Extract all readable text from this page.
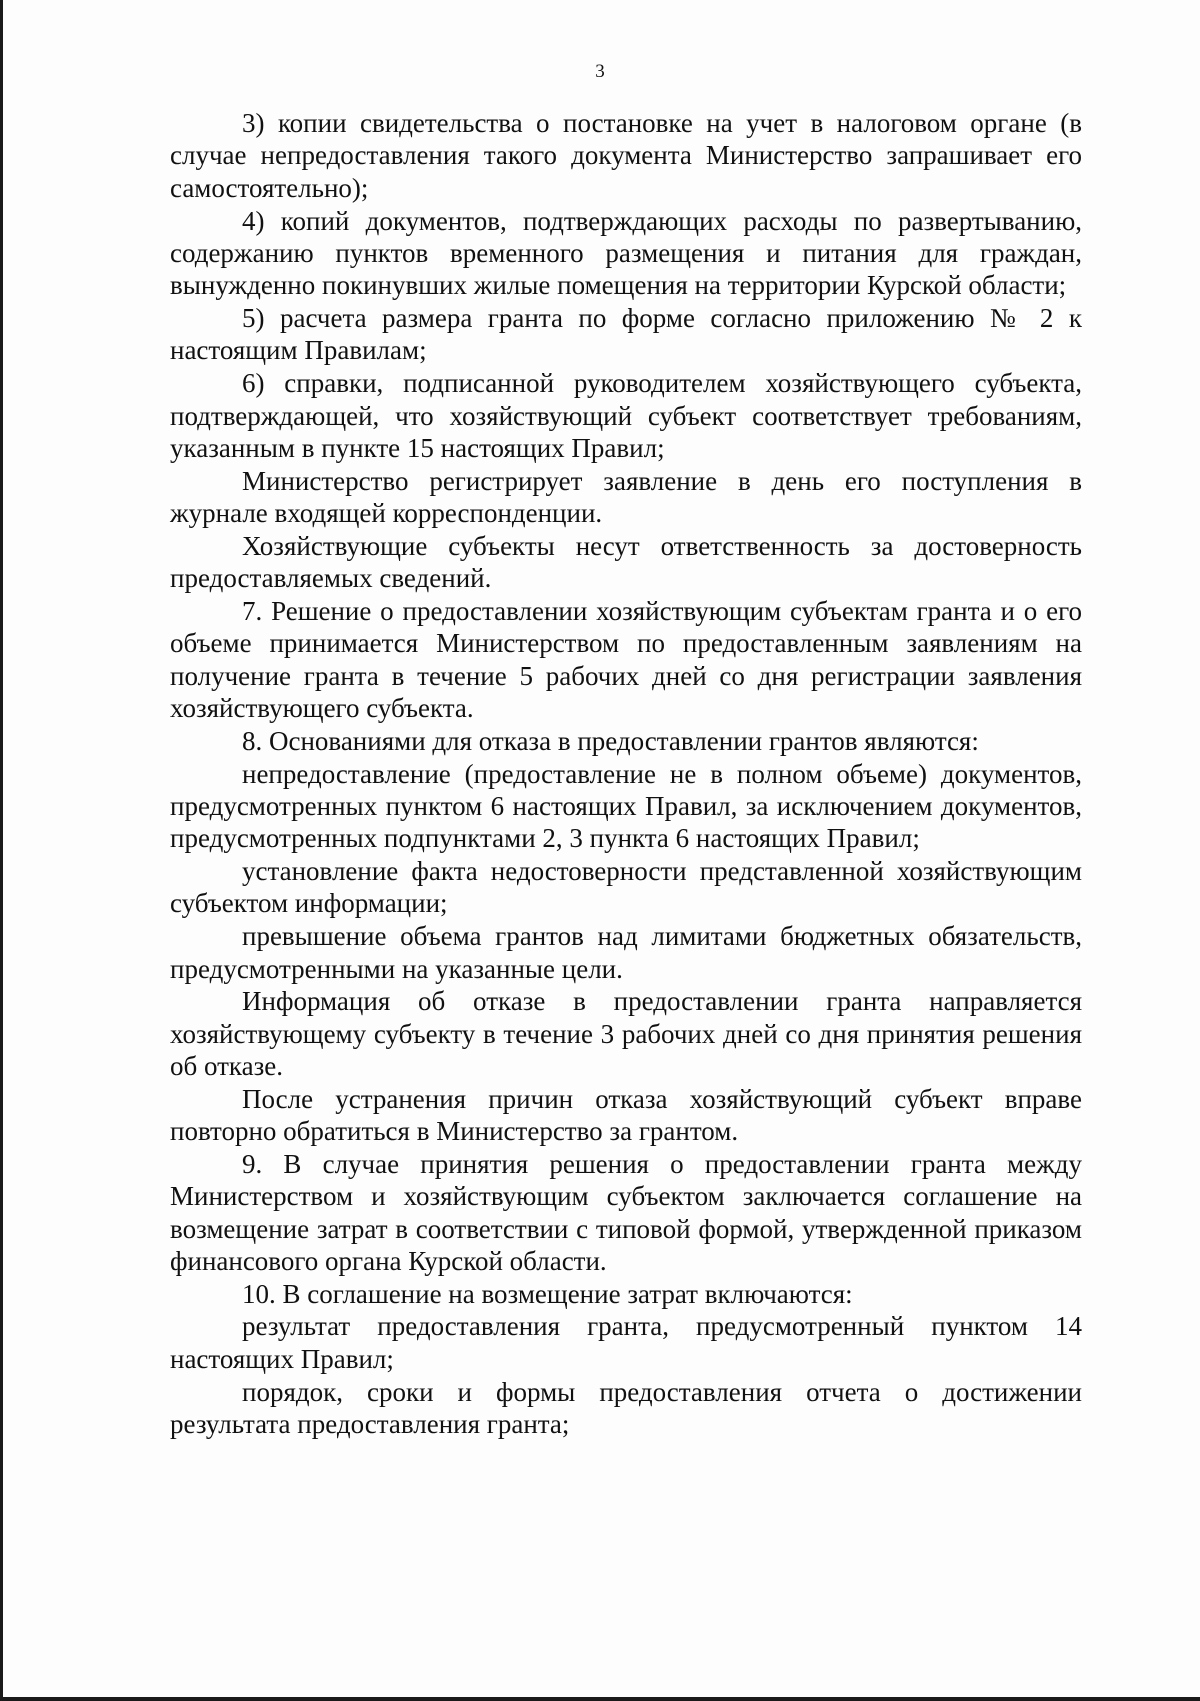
3

3) копии свидетельства о постановке на учет в налоговом органе (в случае непредоставления такого документа Министерство запрашивает его самостоятельно);

4) копий документов, подтверждающих расходы по развертыванию, содержанию пунктов временного размещения и питания для граждан, вынужденно покинувших жилые помещения на территории Курской области;

5) расчета размера гранта по форме согласно приложению № 2 к настоящим Правилам;

6) справки, подписанной руководителем хозяйствующего субъекта, подтверждающей, что хозяйствующий субъект соответствует требованиям, указанным в пункте 15 настоящих Правил;

Министерство регистрирует заявление в день его поступления в журнале входящей корреспонденции.

Хозяйствующие субъекты несут ответственность за достоверность предоставляемых сведений.

7. Решение о предоставлении хозяйствующим субъектам гранта и о его объеме принимается Министерством по предоставленным заявлениям на получение гранта в течение 5 рабочих дней со дня регистрации заявления хозяйствующего субъекта.

8. Основаниями для отказа в предоставлении грантов являются:

непредоставление (предоставление не в полном объеме) документов, предусмотренных пунктом 6 настоящих Правил, за исключением документов, предусмотренных подпунктами 2, 3 пункта 6 настоящих Правил;

установление факта недостоверности представленной хозяйствующим субъектом информации;

превышение объема грантов над лимитами бюджетных обязательств, предусмотренными на указанные цели.

Информация об отказе в предоставлении гранта направляется хозяйствующему субъекту в течение 3 рабочих дней со дня принятия решения об отказе.

После устранения причин отказа хозяйствующий субъект вправе повторно обратиться в Министерство за грантом.

9. В случае принятия решения о предоставлении гранта между Министерством и хозяйствующим субъектом заключается соглашение на возмещение затрат в соответствии с типовой формой, утвержденной приказом финансового органа Курской области.

10. В соглашение на возмещение затрат включаются:

результат предоставления гранта, предусмотренный пунктом 14 настоящих Правил;

порядок, сроки и формы предоставления отчета о достижении результата предоставления гранта;
